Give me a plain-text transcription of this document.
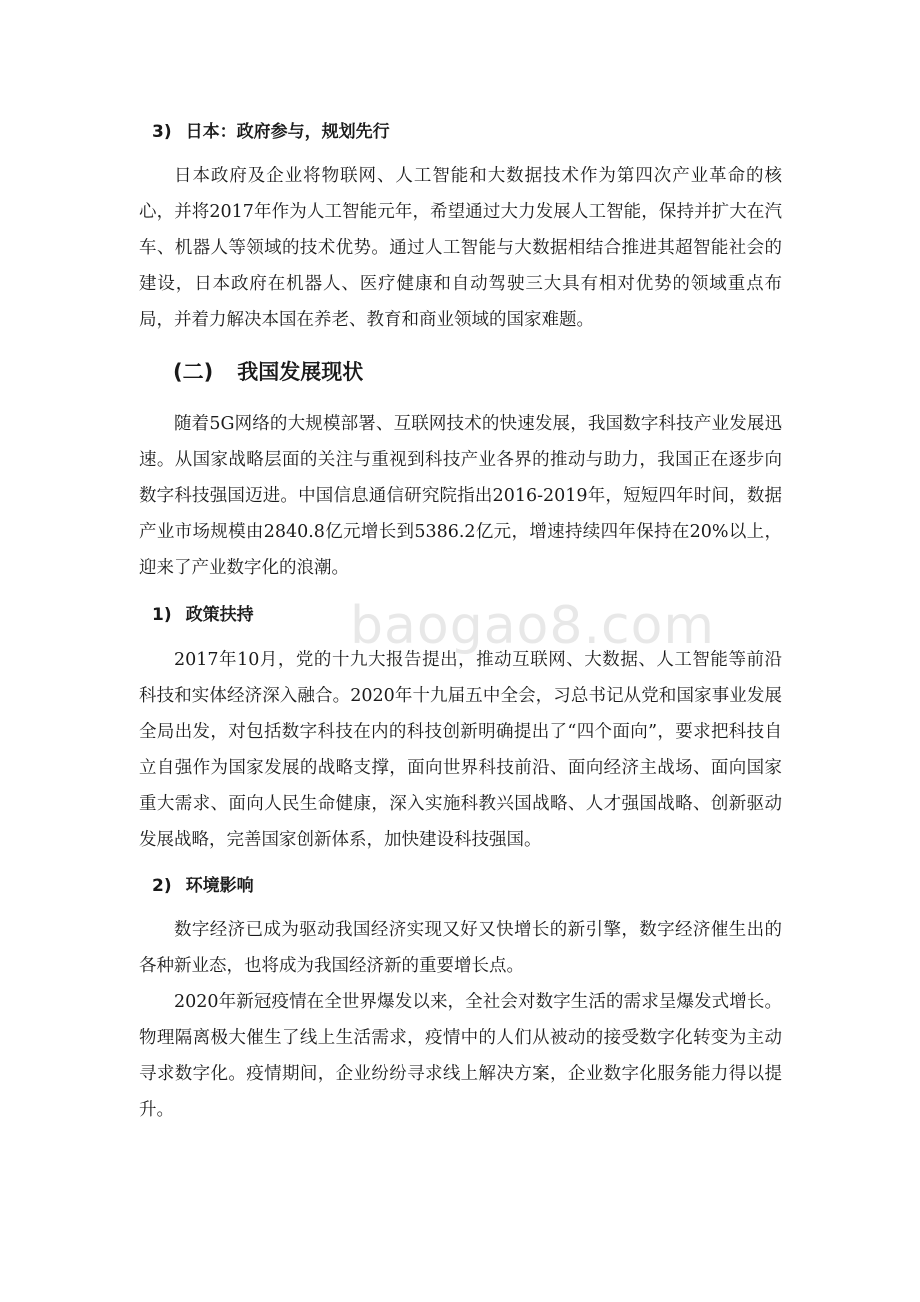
baogao8.com
3) 日本：政府参与，规划先行

日本政府及企业将物联网、人工智能和大数据技术作为第四次产业革命的核心，并将2017年作为人工智能元年，希望通过大力发展人工智能，保持并扩大在汽车、机器人等领域的技术优势。通过人工智能与大数据相结合推进其超智能社会的建设，日本政府在机器人、医疗健康和自动驾驶三大具有相对优势的领域重点布局，并着力解决本国在养老、教育和商业领域的国家难题。

(二) 我国发展现状

随着5G网络的大规模部署、互联网技术的快速发展，我国数字科技产业发展迅速。从国家战略层面的关注与重视到科技产业各界的推动与助力，我国正在逐步向数字科技强国迈进。中国信息通信研究院指出2016-2019年，短短四年时间，数据产业市场规模由2840.8亿元增长到5386.2亿元，增速持续四年保持在20%以上，迎来了产业数字化的浪潮。

1) 政策扶持

2017年10月，党的十九大报告提出，推动互联网、大数据、人工智能等前沿科技和实体经济深入融合。2020年十九届五中全会，习总书记从党和国家事业发展全局出发，对包括数字科技在内的科技创新明确提出了“四个面向”，要求把科技自立自强作为国家发展的战略支撑，面向世界科技前沿、面向经济主战场、面向国家重大需求、面向人民生命健康，深入实施科教兴国战略、人才强国战略、创新驱动发展战略，完善国家创新体系，加快建设科技强国。

2) 环境影响

数字经济已成为驱动我国经济实现又好又快增长的新引擎，数字经济催生出的各种新业态，也将成为我国经济新的重要增长点。

2020年新冠疫情在全世界爆发以来，全社会对数字生活的需求呈爆发式增长。物理隔离极大催生了线上生活需求，疫情中的人们从被动的接受数字化转变为主动寻求数字化。疫情期间，企业纷纷寻求线上解决方案，企业数字化服务能力得以提升。
